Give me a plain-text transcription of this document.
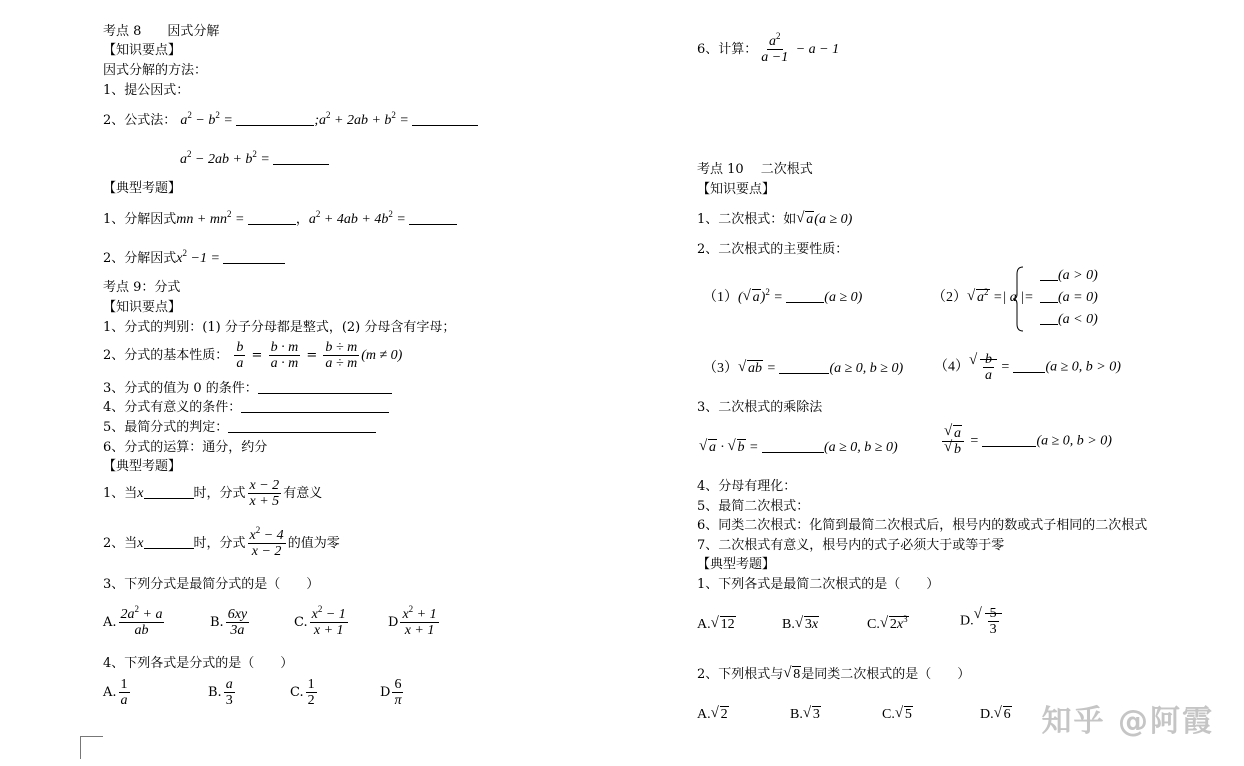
考点 8　　因式分解
【知识要点】
因式分解的方法：
1、提公因式：
2、公式法： $a^2 - b^2$ =	$;a^2 + 2ab + b^2$ =
$a^2 - 2ab + b^2$ =
【典型考题】
1、分解因式mn + $mn^2$ =	，$a^2 + 4ab + 4b^2$ =
2、分解因式$x^2 -1$ =
考点 9：分式
【知识要点】
1、分式的判别：(1) 分子分母都是整式，(2) 分母含有字母；
2、分式的基本性质： $\frac{b}{a} = \frac{b \cdot m}{a \cdot m} = \frac{b \div m}{a \div m} (m \ne 0)$
3、分式的值为 0 的条件：
4、分式有意义的条件：
5、最简分式的判定：
6、分式的运算：通分，约分
【典型考题】
1、当x	时，分式 $\frac{x - 2}{x + 5}$ 有意义
2、当x	时，分式 $\frac{x^2 - 4}{x - 2}$ 的值为零
3、下列分式是最简分式的是（　　）
A. $\frac{2a^2 + a}{ab}$	B. $\frac{6xy}{3a}$	C. $\frac{x^2 - 1}{x + 1}$	D $\frac{x^2 + 1}{x + 1}$
4、下列各式是分式的是（　　）
A. $\frac{1}{a}$	B. $\frac{a}{3}$	C. $\frac{1}{2}$	D $\frac{6}{\pi}$
6、计算： $\frac{a^2}{a -1} - a - 1$
考点 10　 二次根式
【知识要点】
1、二次根式：如 √ a(a ≥ 0)
2、二次根式的主要性质：
（1）( √ a)$^2$ =	(a ≥ 0)	（2） √ $a^2$ =| a |=
(a > 0)
(a = 0)
(a < 0)
（3） √ ab =	(a ≥ 0, b ≥ 0) （4） √ $\frac{b}{a} = (a \ge 0$, b > 0)
3、二次根式的乘除法
√ a · √ b =	(a ≥ 0, b ≥ 0)	√ a
√ b =	(a ≥ 0, b > 0)
4、分母有理化：
5、最简二次根式：
6、同类二次根式：化简到最简二次根式后，根号内的数或式子相同的二次根式
7、二次根式有意义，根号内的式子必须大于或等于零
【典型考题】
1、下列各式是最简二次根式的是（　　）
A. √ 12	B. √ 3x	C. √ $2x^3$	D. √ $\frac{5}{3}$
2、下列根式与 √ 8是同类二次根式的是（　　）
A. √ 2	B. √ 3	C. √ 5	D. √ 6 知乎 @阿霞
